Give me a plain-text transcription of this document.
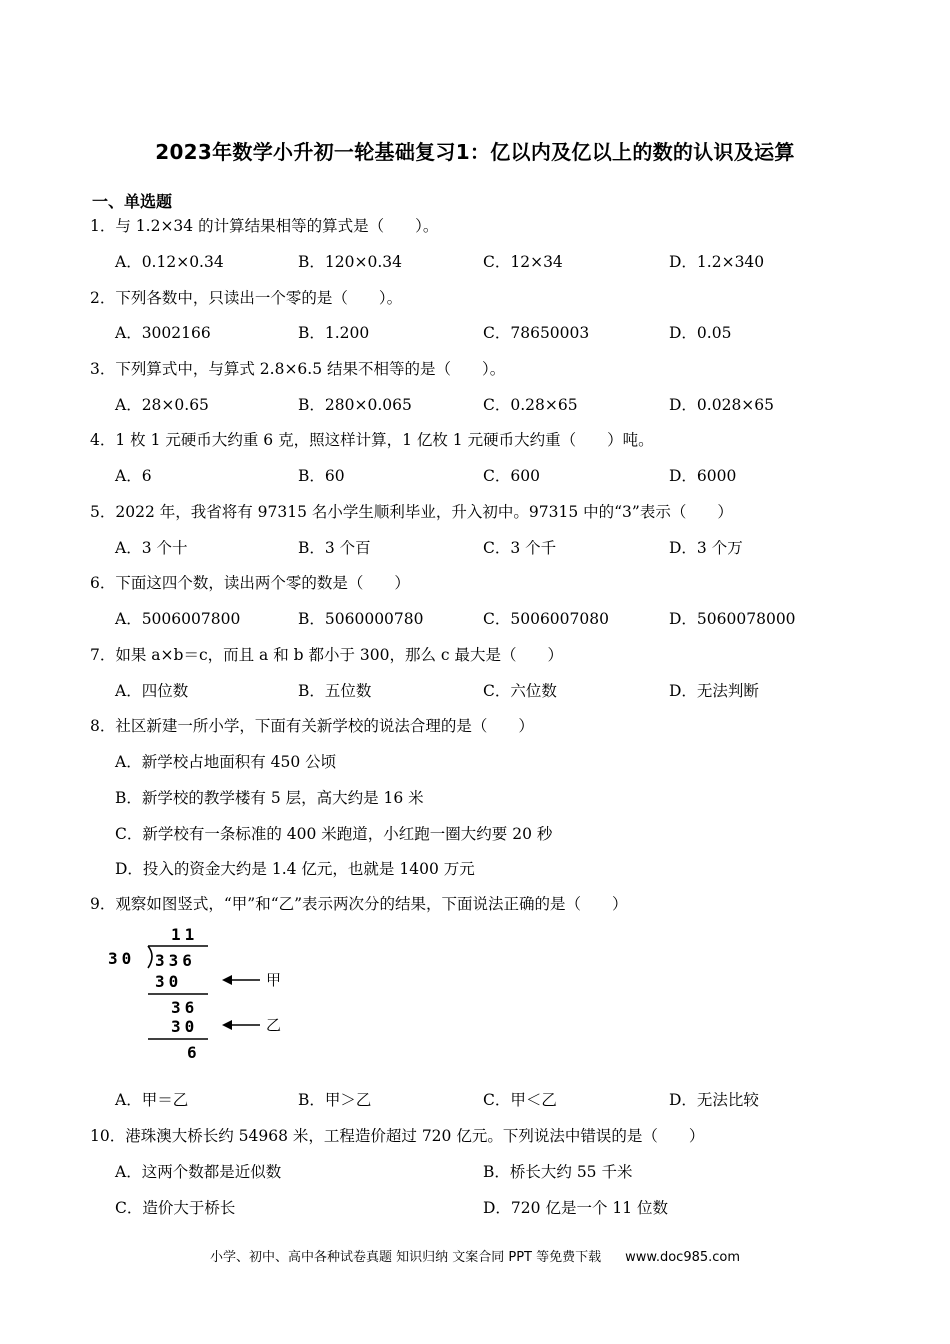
2023年数学小升初一轮基础复习1：亿以内及亿以上的数的认识及运算
一、单选题
1．与 1.2×34 的计算结果相等的算式是（　　）。
A．0.12×0.34	B．120×0.34	C．12×34	D．1.2×340
2．下列各数中，只读出一个零的是（　　）。
A．3002166	B．1.200	C．78650003	D．0.05
3．下列算式中，与算式 2.8×6.5 结果不相等的是（　　）。
A．28×0.65	B．280×0.065	C．0.28×65	D．0.028×65
4．1 枚 1 元硬币大约重 6 克，照这样计算，1 亿枚 1 元硬币大约重（　　）吨。
A．6	B．60	C．600	D．6000
5．2022 年，我省将有 97315 名小学生顺利毕业，升入初中。97315 中的“3”表示（　　）
A．3 个十	B．3 个百	C．3 个千	D．3 个万
6．下面这四个数，读出两个零的数是（　　）
A．5006007800	B．5060000780	C．5006007080	D．5060078000
7．如果 a×b＝c，而且 a 和 b 都小于 300，那么 c 最大是（　　）
A．四位数	B．五位数	C．六位数	D．无法判断
8．社区新建一所小学，下面有关新学校的说法合理的是（　　）
A．新学校占地面积有 450 公顷
B．新学校的教学楼有 5 层，高大约是 16 米
C．新学校有一条标准的 400 米跑道，小红跑一圈大约要 20 秒
D．投入的资金大约是 1.4 亿元，也就是 1400 万元
9．观察如图竖式，“甲”和“乙”表示两次分的结果，下面说法正确的是（　　）
11
30 336
30
36
30
6
甲
乙
A．甲＝乙	B．甲＞乙	C．甲＜乙	D．无法比较
10．港珠澳大桥长约 54968 米，工程造价超过 720 亿元。下列说法中错误的是（　　）
A．这两个数都是近似数	B．桥长大约 55 千米
C．造价大于桥长	D．720 亿是一个 11 位数
小学、初中、高中各种试卷真题 知识归纳 文案合同 PPT 等免费下载 www.doc985.com
